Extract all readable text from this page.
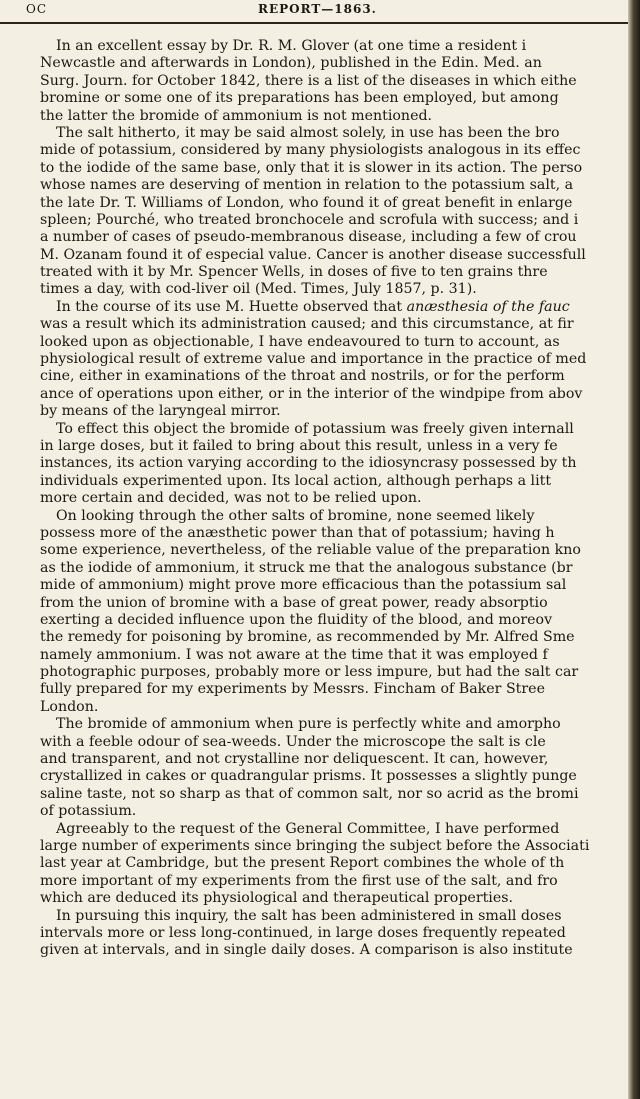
OC	REPORT—1863.
In an excellent essay by Dr. R. M. Glover (at one time a resident i
Newcastle and afterwards in London), published in the Edin. Med. an
Surg. Journ. for October 1842, there is a list of the diseases in which eithe
bromine or some one of its preparations has been employed, but among
the latter the bromide of ammonium is not mentioned.
The salt hitherto, it may be said almost solely, in use has been the bro
mide of potassium, considered by many physiologists analogous in its effec
to the iodide of the same base, only that it is slower in its action. The perso
whose names are deserving of mention in relation to the potassium salt, a
the late Dr. T. Williams of London, who found it of great benefit in enlarge
spleen; Pourché, who treated bronchocele and scrofula with success; and i
a number of cases of pseudo-membranous disease, including a few of crou
M. Ozanam found it of especial value. Cancer is another disease successfull
treated with it by Mr. Spencer Wells, in doses of five to ten grains thre
times a day, with cod-liver oil (Med. Times, July 1857, p. 31).
In the course of its use M. Huette observed that anæsthesia of the fauc
was a result which its administration caused; and this circumstance, at fir
looked upon as objectionable, I have endeavoured to turn to account, as
physiological result of extreme value and importance in the practice of med
cine, either in examinations of the throat and nostrils, or for the perform
ance of operations upon either, or in the interior of the windpipe from abov
by means of the laryngeal mirror.
To effect this object the bromide of potassium was freely given internall
in large doses, but it failed to bring about this result, unless in a very fe
instances, its action varying according to the idiosyncrasy possessed by th
individuals experimented upon. Its local action, although perhaps a litt
more certain and decided, was not to be relied upon.
On looking through the other salts of bromine, none seemed likely
possess more of the anæsthetic power than that of potassium; having h
some experience, nevertheless, of the reliable value of the preparation kno
as the iodide of ammonium, it struck me that the analogous substance (br
mide of ammonium) might prove more efficacious than the potassium sal
from the union of bromine with a base of great power, ready absorptio
exerting a decided influence upon the fluidity of the blood, and moreov
the remedy for poisoning by bromine, as recommended by Mr. Alfred Sme
namely ammonium. I was not aware at the time that it was employed f
photographic purposes, probably more or less impure, but had the salt car
fully prepared for my experiments by Messrs. Fincham of Baker Stree
London.
The bromide of ammonium when pure is perfectly white and amorpho
with a feeble odour of sea-weeds. Under the microscope the salt is cle
and transparent, and not crystalline nor deliquescent. It can, however,
crystallized in cakes or quadrangular prisms. It possesses a slightly punge
saline taste, not so sharp as that of common salt, nor so acrid as the bromi
of potassium.
Agreeably to the request of the General Committee, I have performed
large number of experiments since bringing the subject before the Associati
last year at Cambridge, but the present Report combines the whole of th
more important of my experiments from the first use of the salt, and fro
which are deduced its physiological and therapeutical properties.
In pursuing this inquiry, the salt has been administered in small doses
intervals more or less long-continued, in large doses frequently repeated
given at intervals, and in single daily doses. A comparison is also institute
